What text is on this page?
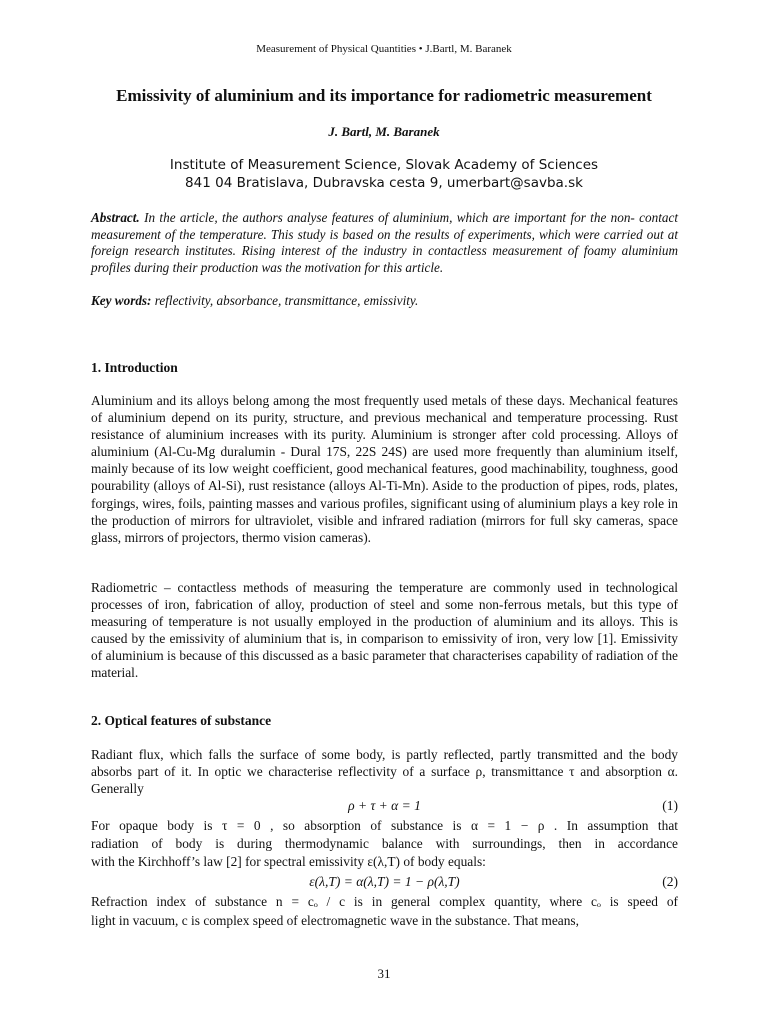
Measurement of Physical Quantities • J.Bartl, M. Baranek
Emissivity of aluminium and its importance for radiometric measurement
J. Bartl, M. Baranek
Institute of Measurement Science, Slovak Academy of Sciences
841 04 Bratislava, Dubravska cesta 9, umerbart@savba.sk
Abstract. In the article, the authors analyse features of aluminium, which are important for the non- contact measurement of the temperature. This study is based on the results of experiments, which were carried out at foreign research institutes. Rising interest of the industry in contactless measurement of foamy aluminium profiles during their production was the motivation for this article.
Key words: reflectivity, absorbance, transmittance, emissivity.
1. Introduction
Aluminium and its alloys belong among the most frequently used metals of these days. Mechanical features of aluminium depend on its purity, structure, and previous mechanical and temperature processing. Rust resistance of aluminium increases with its purity. Aluminium is stronger after cold processing. Alloys of aluminium (Al-Cu-Mg duralumin - Dural 17S, 22S 24S) are used more frequently than aluminium itself, mainly because of its low weight coefficient, good mechanical features, good machinability, toughness, good pourability (alloys of Al-Si), rust resistance (alloys Al-Ti-Mn). Aside to the production of pipes, rods, plates, forgings, wires, foils, painting masses and various profiles, significant using of aluminium plays a key role in the production of mirrors for ultraviolet, visible and infrared radiation (mirrors for full sky cameras, space glass, mirrors of projectors, thermo vision cameras).
Radiometric – contactless methods of measuring the temperature are commonly used in technological processes of iron, fabrication of alloy, production of steel and some non-ferrous metals, but this type of measuring of temperature is not usually employed in the production of aluminium and its alloys. This is caused by the emissivity of aluminium that is, in comparison to emissivity of iron, very low [1]. Emissivity of aluminium is because of this discussed as a basic parameter that characterises capability of radiation of the material.
2. Optical features of substance
Radiant flux, which falls the surface of some body, is partly reflected, partly transmitted and the body absorbs part of it. In optic we characterise reflectivity of a surface ρ, transmittance τ and absorption α. Generally
ρ + τ + α = 1	(1)
For opaque body is τ = 0 , so absorption of substance is α = 1 − ρ . In assumption that
radiation of body is during thermodynamic balance with surroundings, then in accordance
with the Kirchhoff’s law [2] for spectral emissivity ε(λ,T) of body equals:
ε(λ,T) = α(λ,T) = 1 − ρ(λ,T)	(2)
Refraction index of substance n = cₒ / c is in general complex quantity, where cₒ is speed of
light in vacuum, c is complex speed of electromagnetic wave in the substance. That means,
31
